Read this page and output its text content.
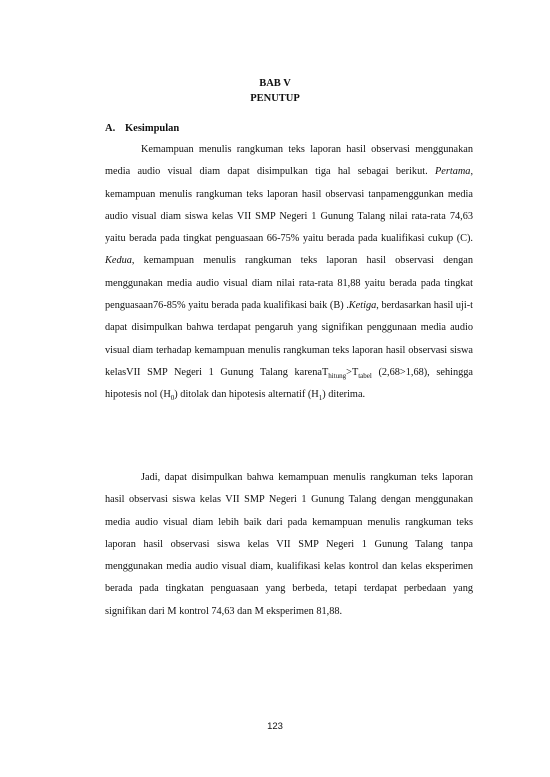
BAB V
PENUTUP
A. Kesimpulan

Kemampuan menulis rangkuman teks laporan hasil observasi menggunakan media audio visual diam dapat disimpulkan tiga hal sebagai berikut. Pertama, kemampuan menulis rangkuman teks laporan hasil observasi tanpamenggunkan media audio visual diam siswa kelas VII SMP Negeri 1 Gunung Talang nilai rata-rata 74,63 yaitu berada pada tingkat penguasaan 66-75% yaitu berada pada kualifikasi cukup (C). Kedua, kemampuan menulis rangkuman teks laporan hasil observasi dengan menggunakan media audio visual diam nilai rata-rata 81,88 yaitu berada pada tingkat penguasaan76-85% yaitu berada pada kualifikasi baik (B) .Ketiga, berdasarkan hasil uji-t dapat disimpulkan bahwa terdapat pengaruh yang signifikan penggunaan media audio visual diam terhadap kemampuan menulis rangkuman teks laporan hasil observasi siswa kelasVII SMP Negeri 1 Gunung Talang $karenaT_{hitung}>T_{tabel}$ (2,68>1,68), sehingga hipotesis nol $(H_0)$ ditolak dan hipotesis alternatif $(H_1)$ diterima.

Jadi, dapat disimpulkan bahwa kemampuan menulis rangkuman teks laporan hasil observasi siswa kelas VII SMP Negeri 1 Gunung Talang dengan menggunakan media audio visual diam lebih baik dari pada kemampuan menulis rangkuman teks laporan hasil observasi siswa kelas VII SMP Negeri 1 Gunung Talang tanpa menggunakan media audio visual diam, kualifikasi kelas kontrol dan kelas eksperimen berada pada tingkatan penguasaan yang berbeda, tetapi terdapat perbedaan yang signifikan dari M kontrol 74,63 dan M eksperimen 81,88.

123
